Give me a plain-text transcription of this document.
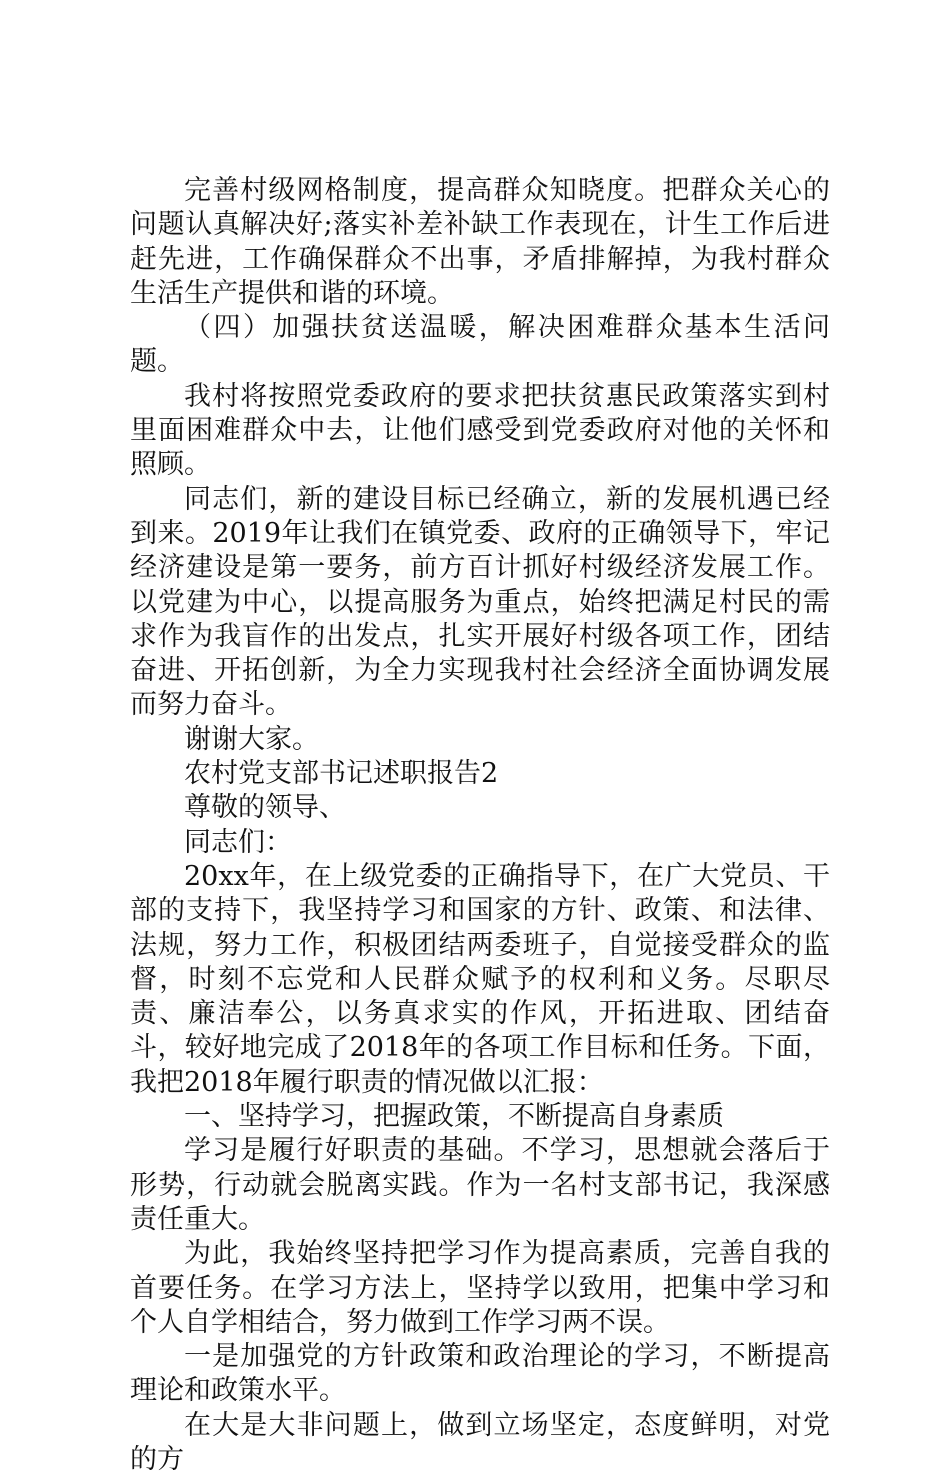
完善村级网格制度，提高群众知晓度。把群众关心的问题认真解决好;落实补差补缺工作表现在，计生工作后进赶先进，工作确保群众不出事，矛盾排解掉，为我村群众生活生产提供和谐的环境。

（四）加强扶贫送温暖，解决困难群众基本生活问题。

我村将按照党委政府的要求把扶贫惠民政策落实到村里面困难群众中去，让他们感受到党委政府对他的关怀和照顾。

同志们，新的建设目标已经确立，新的发展机遇已经到来。2019年让我们在镇党委、政府的正确领导下，牢记经济建设是第一要务，前方百计抓好村级经济发展工作。以党建为中心，以提高服务为重点，始终把满足村民的需求作为我盲作的出发点，扎实开展好村级各项工作，团结奋进、开拓创新，为全力实现我村社会经济全面协调发展而努力奋斗。

谢谢大家。

农村党支部书记述职报告2

尊敬的领导、

同志们：

20xx年，在上级党委的正确指导下，在广大党员、干部的支持下，我坚持学习和国家的方针、政策、和法律、法规，努力工作，积极团结两委班子，自觉接受群众的监督，时刻不忘党和人民群众赋予的权利和义务。尽职尽责、廉洁奉公，以务真求实的作风，开拓进取、团结奋斗，较好地完成了2018年的各项工作目标和任务。下面，我把2018年履行职责的情况做以汇报：

一、坚持学习，把握政策，不断提高自身素质

学习是履行好职责的基础。不学习，思想就会落后于形势，行动就会脱离实践。作为一名村支部书记，我深感责任重大。

为此，我始终坚持把学习作为提高素质，完善自我的首要任务。在学习方法上，坚持学以致用，把集中学习和个人自学相结合，努力做到工作学习两不误。

一是加强党的方针政策和政治理论的学习，不断提高理论和政策水平。

在大是大非问题上，做到立场坚定，态度鲜明，对党的方
